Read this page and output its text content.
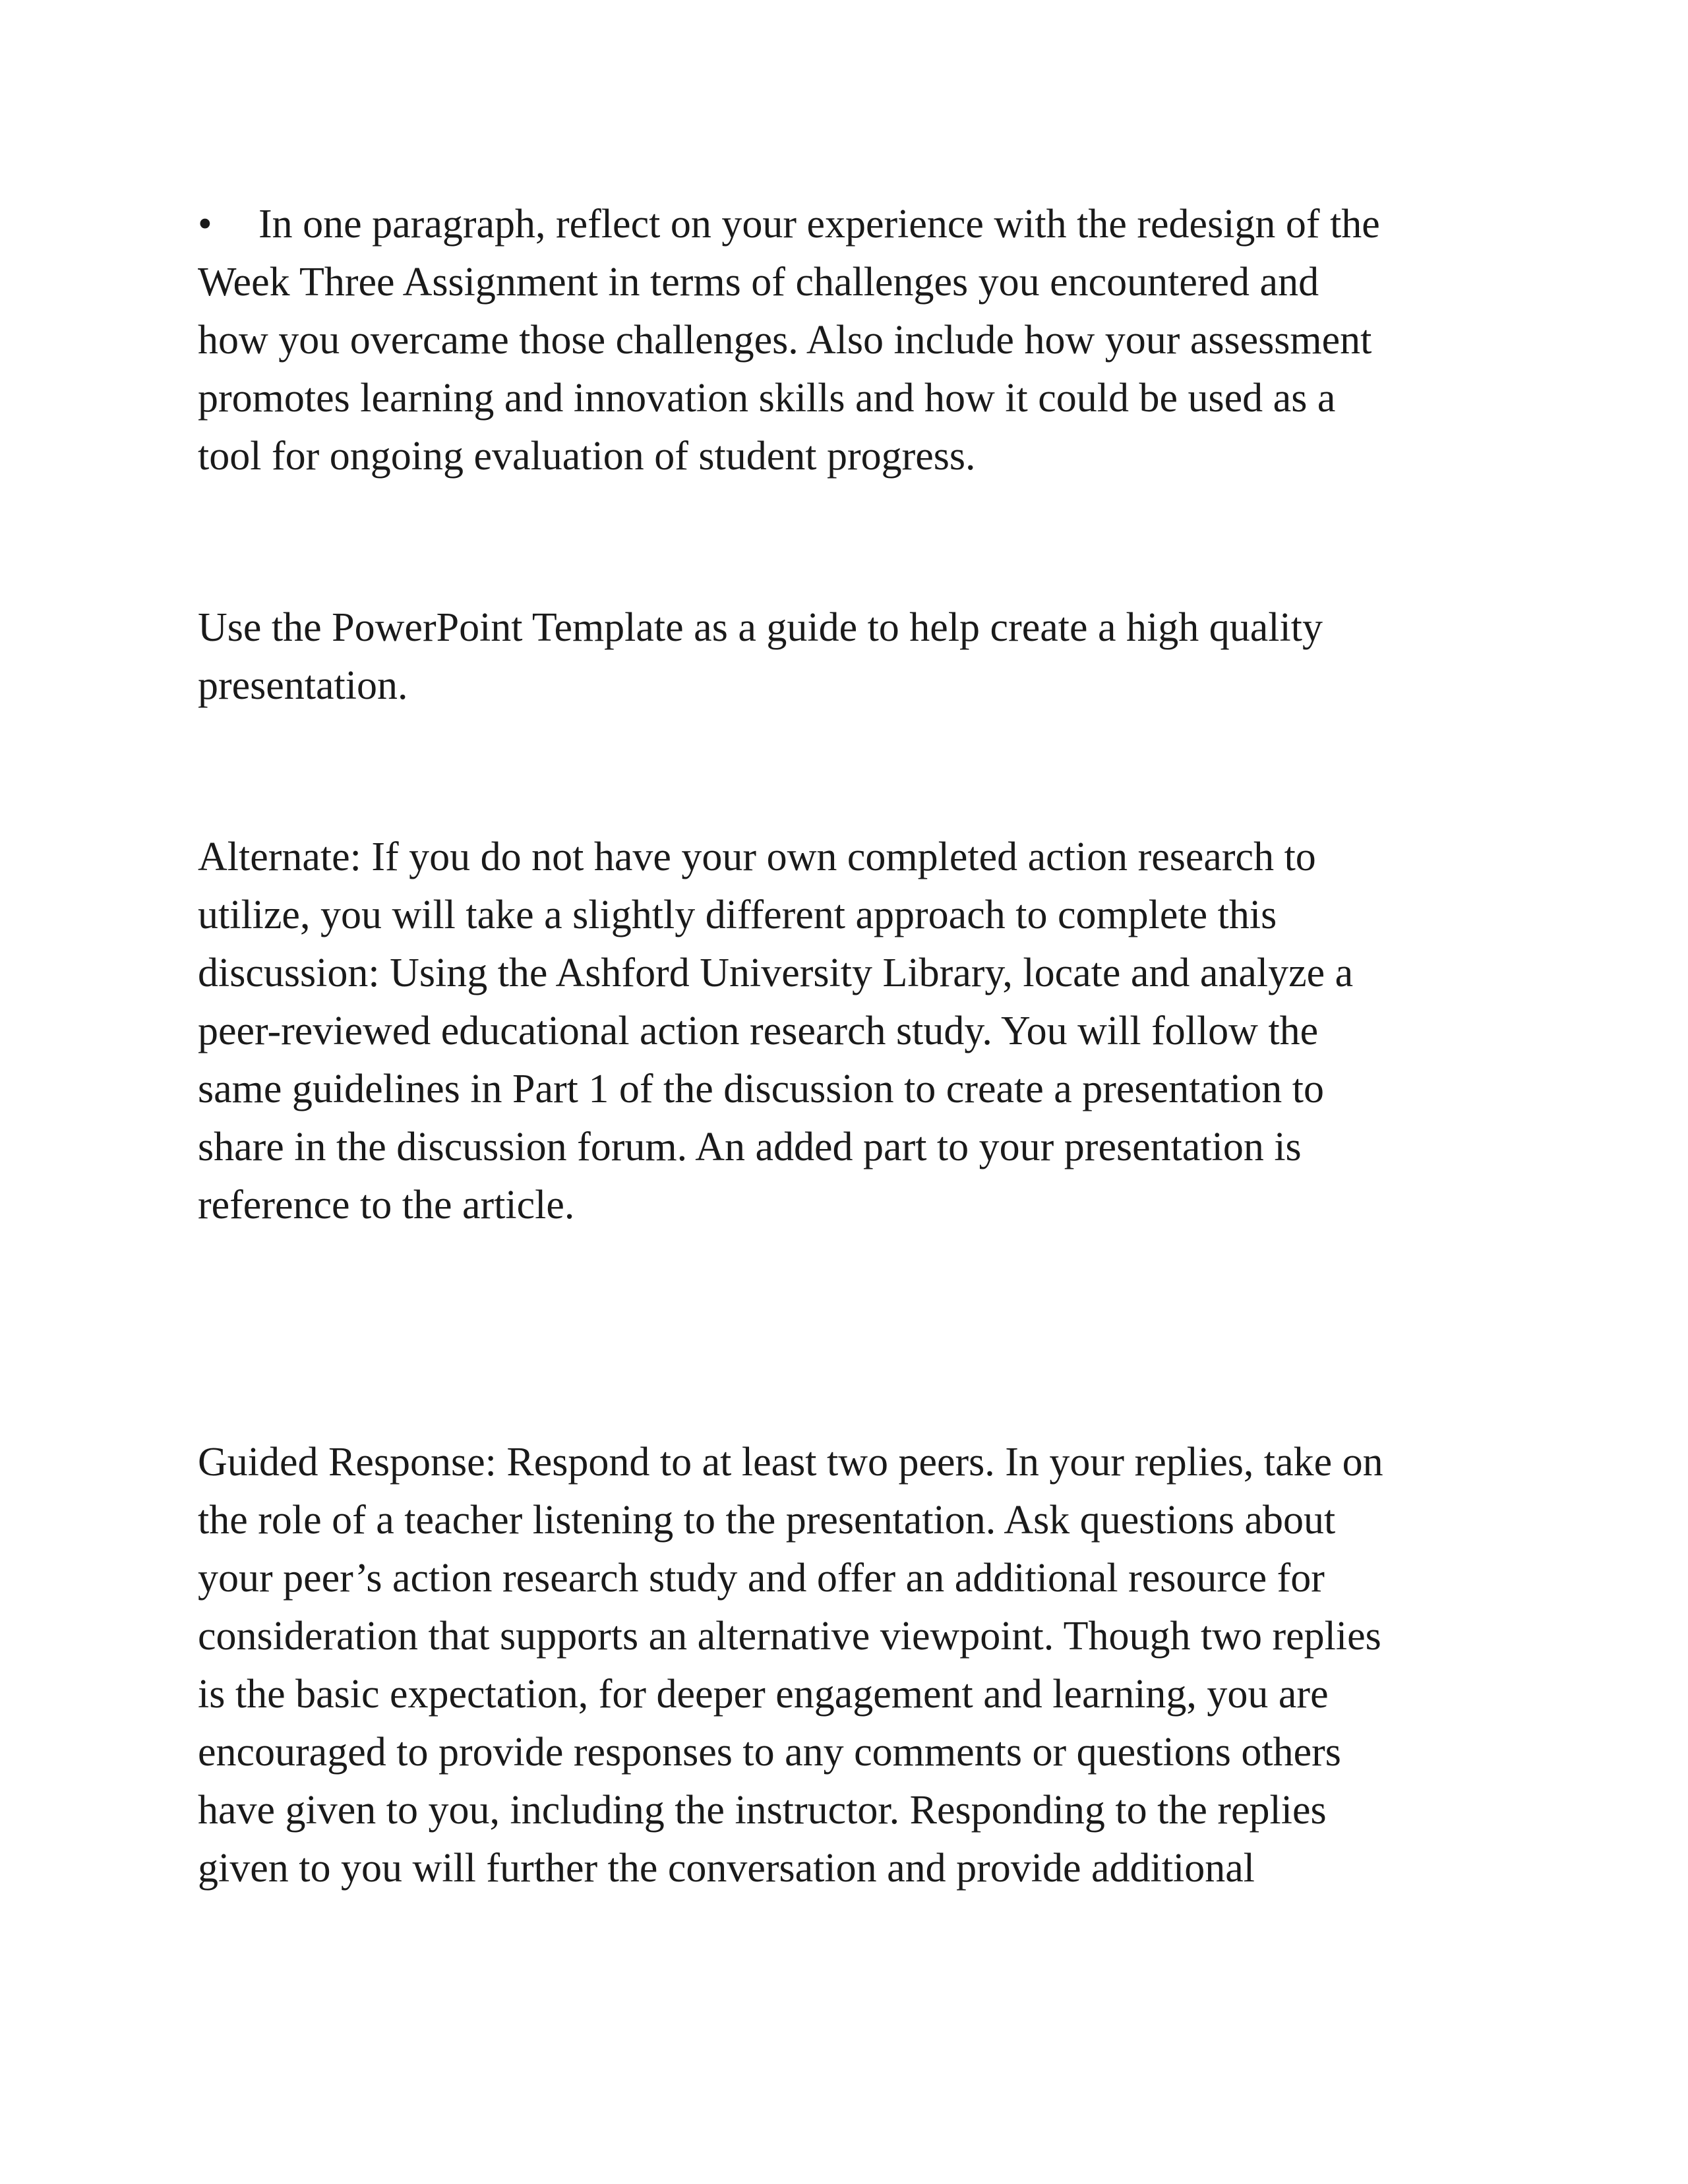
• In one paragraph, reflect on your experience with the redesign of the

Week Three Assignment in terms of challenges you encountered and

how you overcame those challenges. Also include how your assessment

promotes learning and innovation skills and how it could be used as a

tool for ongoing evaluation of student progress.

Use the PowerPoint Template as a guide to help create a high quality

presentation.

Alternate: If you do not have your own completed action research to

utilize, you will take a slightly different approach to complete this

discussion: Using the Ashford University Library, locate and analyze a

peer-reviewed educational action research study. You will follow the

same guidelines in Part 1 of the discussion to create a presentation to

share in the discussion forum. An added part to your presentation is

reference to the article.

Guided Response: Respond to at least two peers. In your replies, take on

the role of a teacher listening to the presentation. Ask questions about

your peer’s action research study and offer an additional resource for

consideration that supports an alternative viewpoint. Though two replies

is the basic expectation, for deeper engagement and learning, you are

encouraged to provide responses to any comments or questions others

have given to you, including the instructor. Responding to the replies

given to you will further the conversation and provide additional
